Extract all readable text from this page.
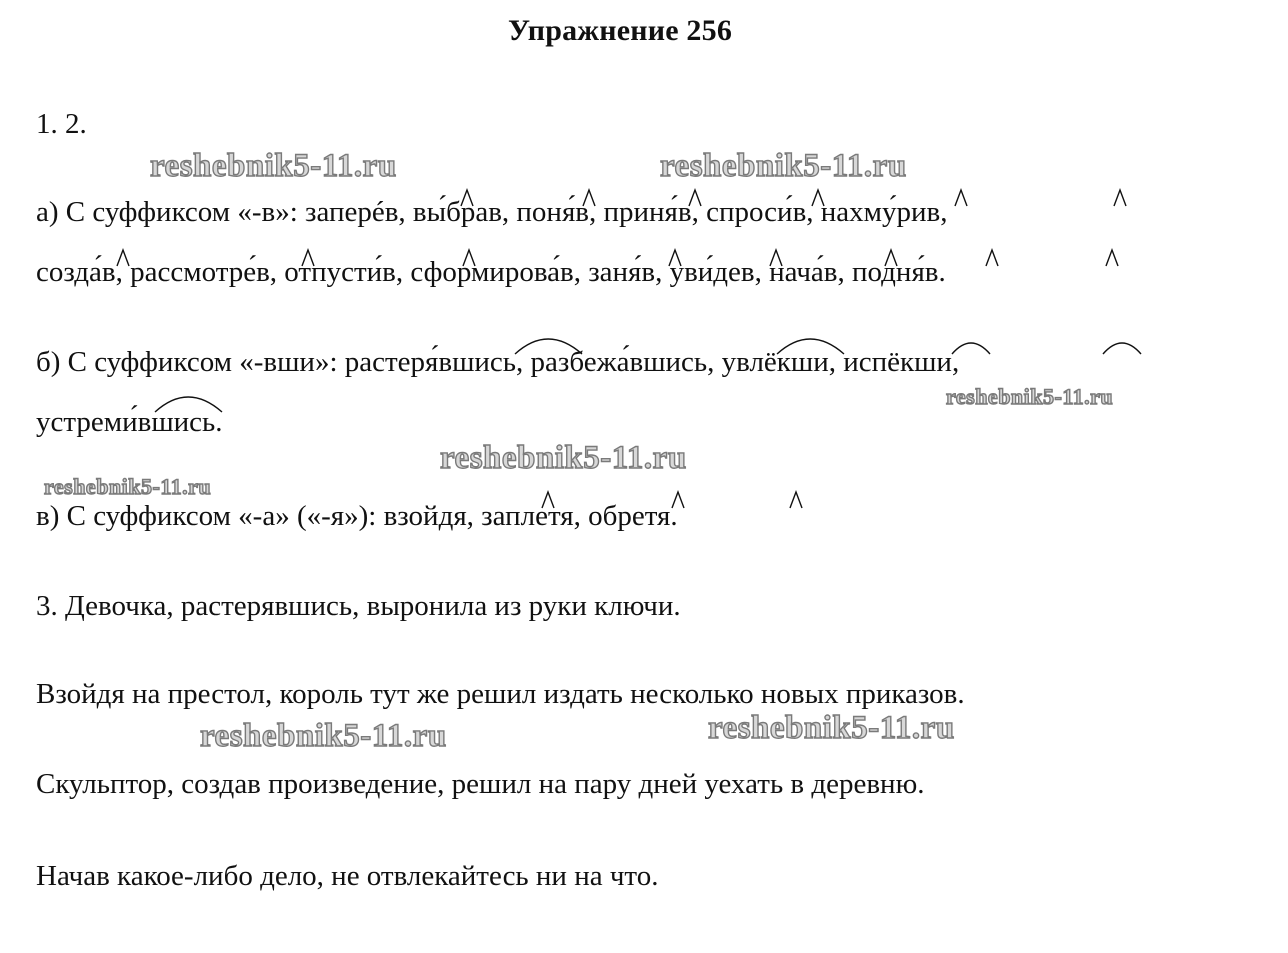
Упражнение 256
1. 2.
а) С суффиксом «-в»: заперéв, вы́брав, поня́в, приня́в, спроси́в, нахму́рив,
созда́в, рассмотре́в, отпусти́в, сформирова́в, заня́в, уви́дев, нача́в, подня́в.
б) С суффиксом «-вши»: растеря́вшись, разбежа́вшись, увлёкши, испёкши,
устреми́вшись.
в) С суффиксом «-а» («-я»): взойдя, заплетя, обретя.
3. Девочка, растерявшись, выронила из руки ключи.
Взойдя на престол, король тут же решил издать несколько новых приказов.
Скульптор, создав произведение, решил на пару дней уехать в деревню.
Начав какое-либо дело, не отвлекайтесь ни на что.
reshebnik5-11.ru	reshebnik5-11.ru
reshebnik5-11.ru
reshebnik5-11.ru
reshebnik5-11.ru
reshebnik5-11.ru
reshebnik5-11.ru
